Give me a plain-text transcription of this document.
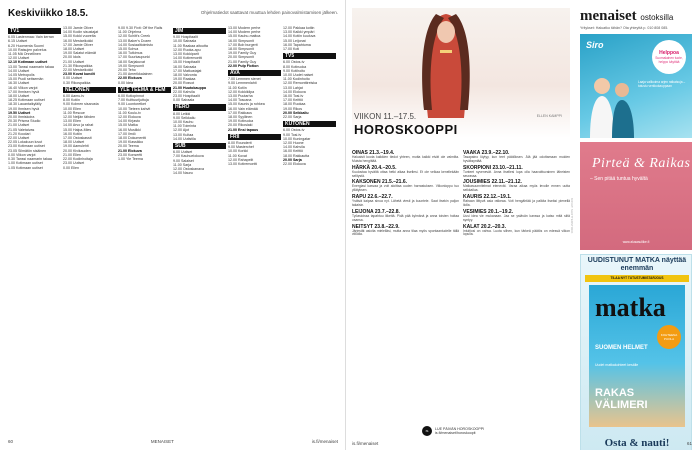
Keskiviikko 18.5.	Ohjelmatiedot saattavat muuttua lehden painovalmistamisen jälkeen.
TV1
6.05 Lastenmaa: Vain kerran
6.15 Uutiset
6.20 Huomenta Suomi
10.00 Ratsujen palvelus
11.05 Mä Onnellinen
12.00 Uutiset
12.10 Kotimaan uutiset
13.00 Tanssi naamarin takaa
14.00 Uutiset
14.05 Metropolis
15.00 Puoli seitsemän
16.30 Uutiset
16.40 Viikon varjot
17.00 Ihmisen hyvä
18.00 Uutiset
18.25 Kotimaan uutiset
18.30 Lauantaikyläily
19.00 Ihmisen hyvä
19.50 Uutiset
20.00 Ihmiskoira
20.30 Prisma Studio
21.00 Uutiset
21.05 Valetaivas
21.20 Koodari
22.00 Uutiset
22.05 Lokakuun luvut
23.00 Kotimaan uutiset
23.05 Silmätön sisäinen
0.00 Viikon varjot
0.30 Tanssi naamarin takaa
1.00 Kotimaan uutiset
1.05 Kotimaan uutiset
13.00 Jamie Oliver
14.00 Kodin sisustajat
15.00 Kokki vuorelta
16.00 Mestarikokki
17.00 Jamie Oliver
18.00 Uutiset
19.00 Salatut elämät
20.00 Idols
21.00 Uutiset
21.30 Rikospaikka
22.00 Mestarikokki
23.00 Kovat kundit
0.00 Uutiset
0.30 Rikospaikka
NELONEN
6.00 Aamu-tv
8.00 Kotiin
9.00 Kolmen sisarusta
10.00 Ellen
11.00 Rescue
12.00 Neljän tähden
13.00 Ellen
14.00 Arvo ja rahat
15.00 Halpa-Mies
16.00 Kotiin
17.00 Ostoskassit
18.00 Uutiset
19.00 Aamulehti
20.00 Kivikauden
21.00 Ellen
22.00 Kodinhoitaja
23.00 Uutiset
0.00 Ellen
9.00 9.30 Fixit: Off the Rails
11.00 Ohjelma
12.00 Schitt's Creek
13.00 Baker's Dozen
14.00 Sosiaalitoimisto
15.00 Sohva
16.00 Tutkimus
17.00 Suurkaupunki
18.00 Sarjakuvat
19.00 Simpsonit
20.00 Teho
21.00 Amerikkalainen
22.00 Elokuva
0.00 Idea
YLE TEEMA & FEM
6.00 Kotiopinnot
7.00 Kulttuurijuttuja
9.00 Luontoretket
10.00 Tieteen kahvit
11.00 Koulu-tv
12.00 Elokuva
14.00 Kirjasto
15.00 Matka
16.00 Musiikki
17.00 Ilmiö
18.00 Dokumentti
19.00 Klassikko
20.00 Teema
21.00 Elokuva
23.00 Konsertti
1.00 Yle Teema
JIM
9.00 Hospitaalit
10.00 Sairaala
11.00 Raakaa aitoutta
12.00 Ruoka-apu
13.00 Kokkiparit
14.00 Kotiremontti
15.00 Hospitaalit
16.00 Sairaala
17.00 Matkustajat
18.00 Valvonta
19.00 Raakaa
20.00 Rosvot
21.00 Huutokauppa
22.00 Kahvila
23.00 Hospitaalit
0.00 Sairaala
HERO
8.00 Leikki
9.00 Seikkailu
10.00 Kauhu
11.00 Toiminta
12.00 Ajot
13.00 Kultaa
14.00 Uutistila
SUB
6.00 Uutiset
7.00 Kauhuelokuva
9.00 Salaiset
11.00 Sarja
12.00 Ostoskanava
14.00 Nauru
13.00 Modern perhe
14.00 Modern perhe
15.00 Kauhu-maitoa
16.00 Simpsonit
17.00 Bob burgerit
18.00 Simpsonit
19.00 Family Guy
20.00 Simpsonit
21.00 Family Guy
22.00 Pulp Fiction
AVA
7.00 Lemmen sienet
9.00 Lemmenlahti
11.00 Kotiin
12.00 Kokkikilpa
13.00 Puutarha
14.00 Toscana
15.00 Kaunis ja rohkea
16.00 Vain elämää
17.00 Rakkaus
18.00 Syyllinen
19.00 Kotiruoka
20.00 Rikoslaki
21.00 Ensi tapaus
FRII
8.00 Rounderit
9.00 Masterchef
10.00 Korkki
11.00 Kovat
12.00 Rahapelit
13.00 Kotiremontti
12.00 Pakkaa kotiin
13.00 Kaikki ympäri
14.00 Kotiin kuuluva
15.00 Leijonat
16.00 Tapahtuma
17.00 Koti
TV5
6.00 Ostos-tv
8.00 Kotiruoka
9.00 Kotihoito
10.00 Uudet naiset
11.00 Kodinhoito
12.00 Remonttireiska
13.00 Lahjat
14.00 Elokuva
16.00 Tosi-tv
17.00 Keittiö
18.00 Ruokaa
19.00 Rikos
20.00 Seikkailu
22.00 Sarja
KUTONEN
6.00 Ostos-tv
9.00 Tosi-tv
10.00 Kuningatar
12.00 Huone
14.00 Kahvila
16.00 Keittiö
18.00 Rakkautta
20.00 Sarja
22.00 Elokuva
60	MENAISET	is.fi/menaiset
VIIKON 11.–17.5.
HOROSKOOPPI
ELLEN KAMPPI
OINAS 21.3.–19.4.
Haluaisit koota kaikkien tiedot yhteen, mutta kaikki eivät ole valmiita. Muista hengittää.
HÄRKÄ 20.4.–20.5.
Kuulostaa hyvältä ottaa hetki aikaa itsellesi. Et ole velkaa kenellekään selitystä.
KAKSONEN 21.5.–21.6.
Energiasi kasvaa ja voit aloittaa uuden harrastuksen. Viikonloppu tuo yllätyksen.
RAPU 22.6.–22.7.
Ystävä kaipaa sinua nyt. Lähetä viesti ja kuuntele. Saat itsekin paljon takaisin.
LEIJONA 23.7.–22.8.
Työasioissa tapahtuu liikettä. Pidä pää kylmänä ja anna toisten hoitaa osansa.
NEITSYT 23.8.–22.9.
Järjestät asioita mielelläsi, mutta anna tilaa myös spontaaniudelle tällä viikolla.
VAAKA 23.9.–22.10.
Tasapaino löytyy, kun teet päätöksen. Älä jää odottamaan muiden hyväksyntää.
SKORPIONI 23.10.–21.11.
Tunteet syvenevät. Anna itsellesi lupa olla haavoittuvainen läheisten seurassa.
JOUSIMIES 22.11.–21.12.
Matkasuunnitelmat etenevät. Varaa aikaa myös levolle ennen uutta seikkailua.
KAURIS 22.12.–19.1.
Rahaan liittyvä asia ratkeaa. Voit hengähtää ja palkita itseäsi pienellä ilolla.
VESIMIES 20.1.–19.2.
Uusi idea vie mukanaan. Jaa se ystävän kanssa ja katso mitä siitä syntyy.
KALAT 20.2.–20.3.
Intuitiosi on vahva. Luota siihen, kun tärkeä päätös on edessä viikon lopulla.
IS
LUE PÄIVÄN HOROSKOOPPI
is.fi/menaiset/horoskoopit
KUVAT: SHUTTERSTOCK
menaiset ostoksilla
Yritykset: Haluatko tähän? Ota yhteyttä p. 010 808 085.
Siro
Helppoa
Suomalainen tuote, helppo käyttää
Laaja valikoima arjen ratkaisuja – tutustu verkkokauppaan
Pirteä & Raikas
– Sen pitää tuntua hyvältä
www.alusasuliike.fi
UUDISTUNUT MATKA näyttää enemmän
TILAA NYT TUTUSTUMISTARJOUS
matka
KOHTEENA PUOLA
SUOMEN HELMET
Uudet matkakohteet kesälle
RAKAS VÄLIMERI
Osta & nauti!
is.fi/menaiset	61
